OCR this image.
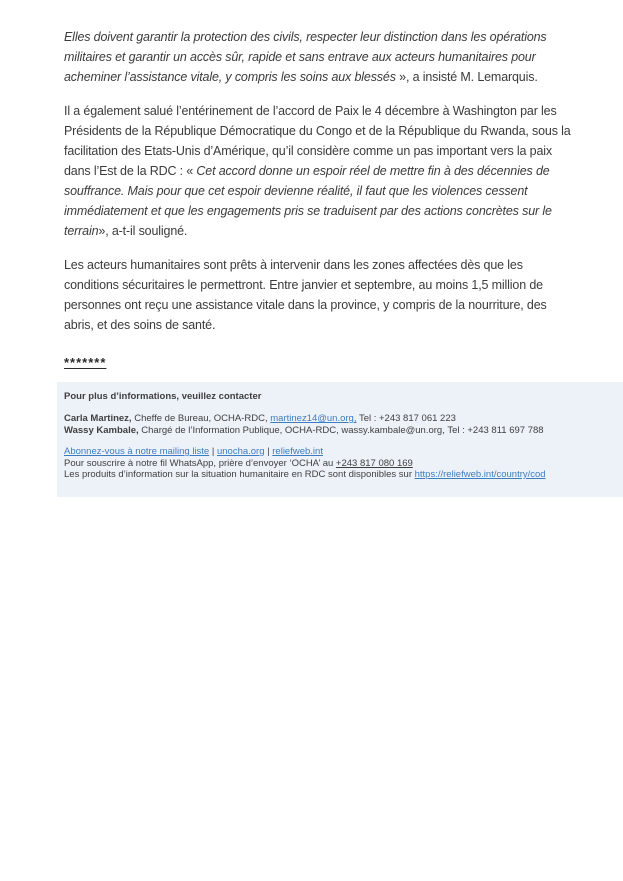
Elles doivent garantir la protection des civils, respecter leur distinction dans les opérations militaires et garantir un accès sûr, rapide et sans entrave aux acteurs humanitaires pour acheminer l’assistance vitale, y compris les soins aux blessés », a insisté M. Lemarquis.

Il a également salué l’entérinement de l’accord de Paix le 4 décembre à Washington par les Présidents de la République Démocratique du Congo et de la République du Rwanda, sous la facilitation des Etats-Unis d’Amérique, qu’il considère comme un pas important vers la paix dans l’Est de la RDC : « Cet accord donne un espoir réel de mettre fin à des décennies de souffrance. Mais pour que cet espoir devienne réalité, il faut que les violences cessent immédiatement et que les engagements pris se traduisent par des actions concrètes sur le terrain», a-t-il souligné.

Les acteurs humanitaires sont prêts à intervenir dans les zones affectées dès que les conditions sécuritaires le permettront. Entre janvier et septembre, au moins 1,5 million de personnes ont reçu une assistance vitale dans la province, y compris de la nourriture, des abris, et des soins de santé.

*******
Pour plus d’informations, veuillez contacter

Carla Martinez, Cheffe de Bureau, OCHA-RDC, martinez14@un.org, Tel : +243 817 061 223

Wassy Kambale, Chargé de l’Information Publique, OCHA-RDC, wassy.kambale@un.org, Tel : +243 811 697 788

Abonnez-vous à notre mailing liste | unocha.org | reliefweb.int

Pour souscrire à notre fil WhatsApp, prière d’envoyer ‘OCHA’ au +243 817 080 169

Les produits d’information sur la situation humanitaire en RDC sont disponibles sur https://reliefweb.int/country/cod
